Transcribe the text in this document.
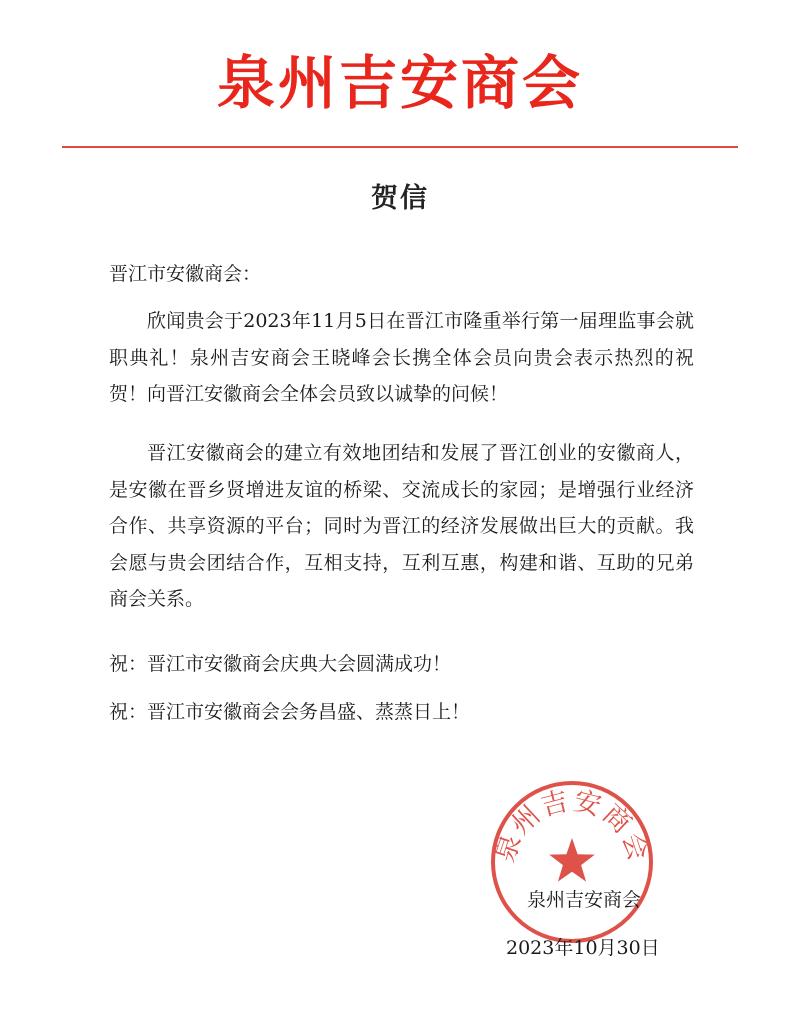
泉州吉安商会
贺信
晋江市安徽商会：
欣闻贵会于2023年11月5日在晋江市隆重举行第一届理监事会就职典礼！泉州吉安商会王晓峰会长携全体会员向贵会表示热烈的祝贺！向晋江安徽商会全体会员致以诚挚的问候！
晋江安徽商会的建立有效地团结和发展了晋江创业的安徽商人，是安徽在晋乡贤增进友谊的桥梁、交流成长的家园；是增强行业经济合作、共享资源的平台；同时为晋江的经济发展做出巨大的贡献。我会愿与贵会团结合作，互相支持，互利互惠，构建和谐、互助的兄弟商会关系。
祝：晋江市安徽商会庆典大会圆满成功！
祝：晋江市安徽商会会务昌盛、蒸蒸日上！
泉州吉安商会
泉州吉安商会
2023年10月30日
